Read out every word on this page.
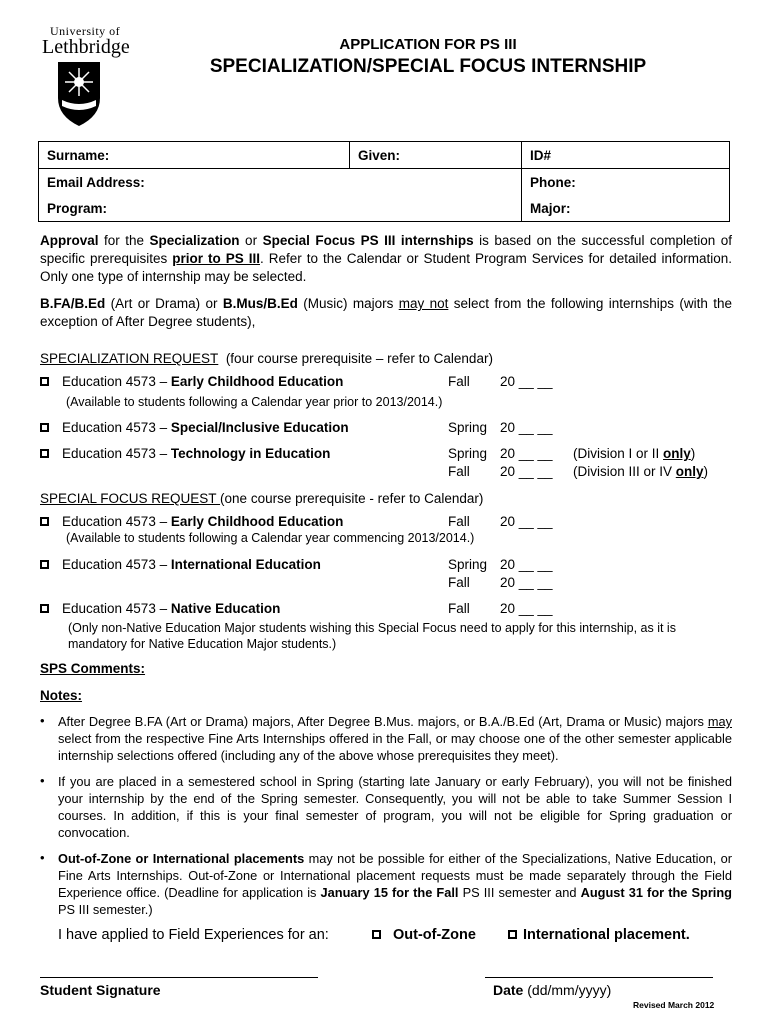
University of
Lethbridge	APPLICATION FOR PS III
SPECIALIZATION/SPECIAL FOCUS INTERNSHIP
Surname:	Given:	ID#
Email Address:		Phone:
Program:		Major:
Approval for the Specialization or Special Focus PS III internships is based on the successful completion of specific prerequisites prior to PS III. Refer to the Calendar or Student Program Services for detailed information. Only one type of internship may be selected.
B.FA/B.Ed (Art or Drama) or B.Mus/B.Ed (Music) majors may not select from the following internships (with the exception of After Degree students),
SPECIALIZATION REQUEST (four course prerequisite – refer to Calendar)
Education 4573 – Early Childhood Education	Fall 20 __ __
(Available to students following a Calendar year prior to 2013/2014.)
Education 4573 – Special/Inclusive Education	Spring 20 __ __
Education 4573 – Technology in Education	Spring 20 __ __ (Division I or II only)
Fall 20 __ __ (Division III or IV only)
SPECIAL FOCUS REQUEST (one course prerequisite - refer to Calendar)
Education 4573 – Early Childhood Education	Fall 20 __ __
(Available to students following a Calendar year commencing 2013/2014.)
Education 4573 – International Education	Spring 20 __ __
Fall 20 __ __
Education 4573 – Native Education	Fall 20 __ __
(Only non-Native Education Major students wishing this Special Focus need to apply for this internship, as it is mandatory for Native Education Major students.)
SPS Comments:
Notes:
• After Degree B.FA (Art or Drama) majors, After Degree B.Mus. majors, or B.A./B.Ed (Art, Drama or Music) majors may select from the respective Fine Arts Internships offered in the Fall, or may choose one of the other semester applicable internship selections offered (including any of the above whose prerequisites they meet).
• If you are placed in a semestered school in Spring (starting late January or early February), you will not be finished your internship by the end of the Spring semester. Consequently, you will not be able to take Summer Session I courses. In addition, if this is your final semester of program, you will not be eligible for Spring graduation or convocation.
• Out-of-Zone or International placements may not be possible for either of the Specializations, Native Education, or Fine Arts Internships. Out-of-Zone or International placement requests must be made separately through the Field Experience office. (Deadline for application is January 15 for the Fall PS III semester and August 31 for the Spring PS III semester.)
I have applied to Field Experiences for an:	Out-of-Zone	International placement.
Student Signature	Date (dd/mm/yyyy)
Revised March 2012
